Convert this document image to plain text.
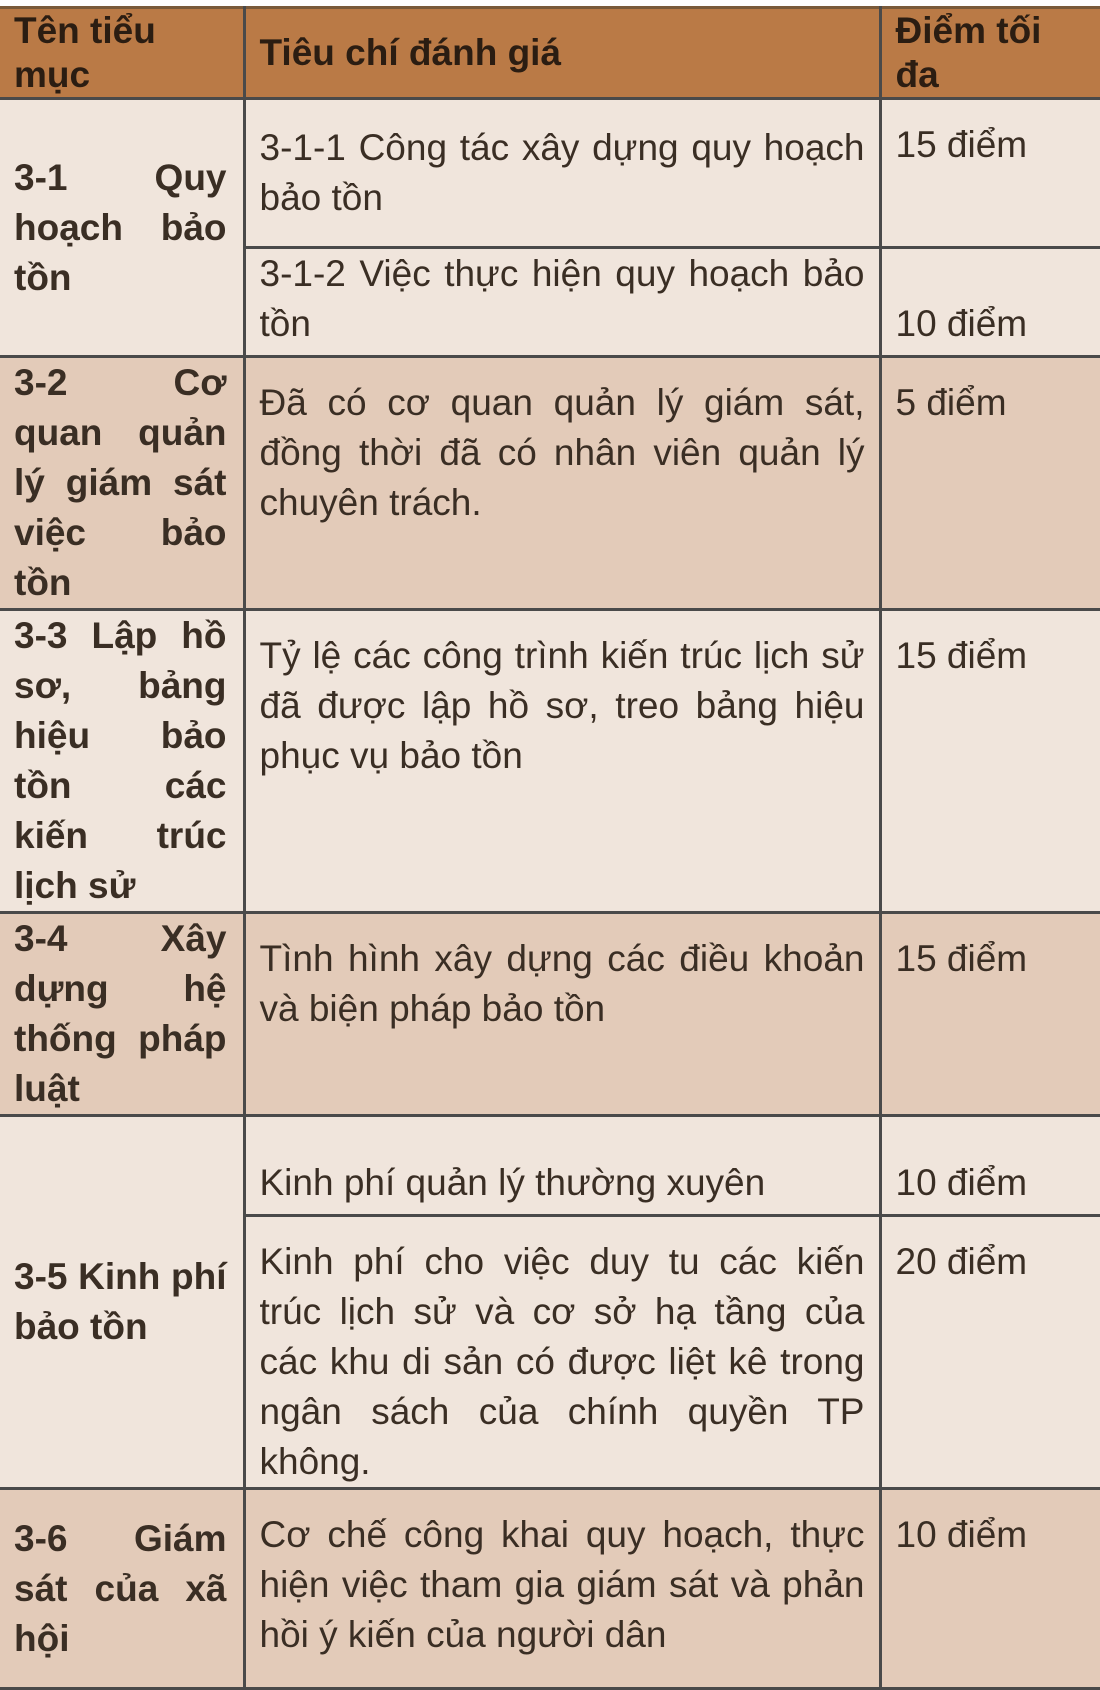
Tên tiểu mục	Tiêu chí đánh giá	Điểm tối đa
3-1 Quy hoạch bảo tồn	3-1-1 Công tác xây dựng quy hoạch bảo tồn	15 điểm
	3-1-2 Việc thực hiện quy hoạch bảo tồn	10 điểm
3-2 Cơ quan quản lý giám sát việc bảo tồn	Đã có cơ quan quản lý giám sát, đồng thời đã có nhân viên quản lý chuyên trách.	5 điểm
3-3 Lập hồ sơ, bảng hiệu bảo tồn các kiến trúc lịch sử	Tỷ lệ các công trình kiến trúc lịch sử đã được lập hồ sơ, treo bảng hiệu phục vụ bảo tồn	15 điểm
3-4 Xây dựng hệ thống pháp luật	Tình hình xây dựng các điều khoản và biện pháp bảo tồn	15 điểm
3-5 Kinh phí bảo tồn	Kinh phí quản lý thường xuyên	10 điểm
	Kinh phí cho việc duy tu các kiến trúc lịch sử và cơ sở hạ tầng của các khu di sản có được liệt kê trong ngân sách của chính quyền TP không.	20 điểm
3-6 Giám sát của xã hội	Cơ chế công khai quy hoạch, thực hiện việc tham gia giám sát và phản hồi ý kiến của người dân	10 điểm
